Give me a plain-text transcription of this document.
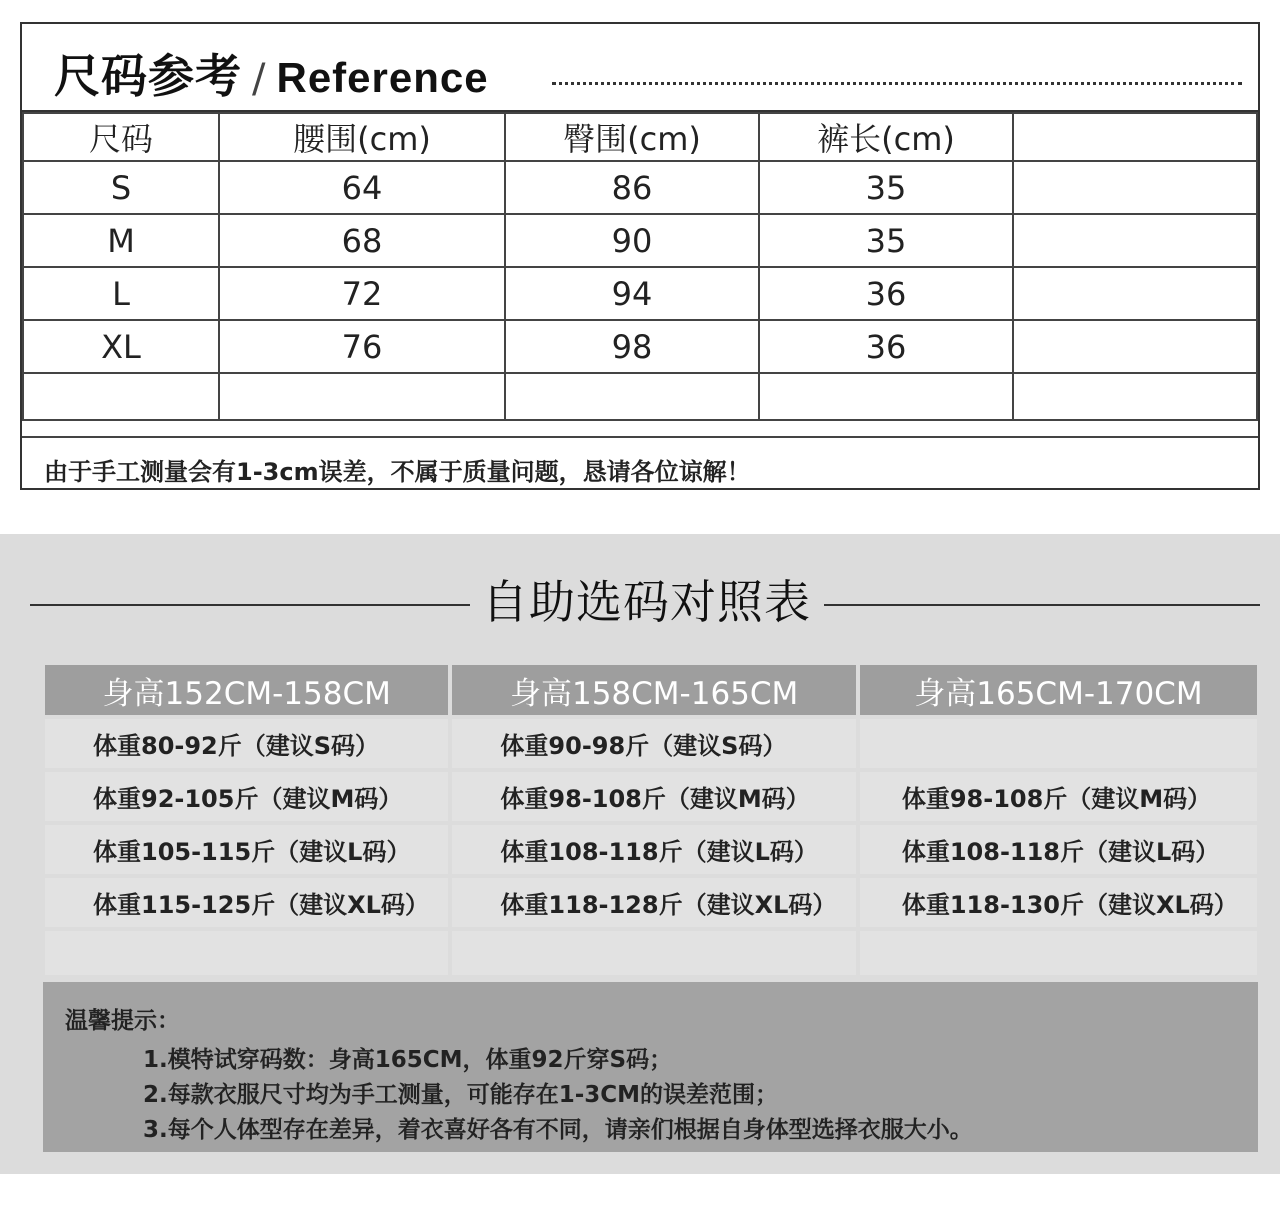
尺码参考 / Reference
尺码	腰围(cm)	臀围(cm)	裤长(cm)	
S	64	86	35	
M	68	90	35	
L	72	94	36	
XL	76	98	36	

由于手工测量会有1-3cm误差，不属于质量问题，恳请各位谅解！
自助选码对照表
身高152CM-158CM	身高158CM-165CM	身高165CM-170CM
体重80-92斤（建议S码）	体重90-98斤（建议S码）	
体重92-105斤（建议M码）	体重98-108斤（建议M码）	体重98-108斤（建议M码）
体重105-115斤（建议L码）	体重108-118斤（建议L码）	体重108-118斤（建议L码）
体重115-125斤（建议XL码）	体重118-128斤（建议XL码）	体重118-130斤（建议XL码）

温馨提示：
1.模特试穿码数：身高165CM，体重92斤穿S码；
2.每款衣服尺寸均为手工测量，可能存在1-3CM的误差范围；
3.每个人体型存在差异，着衣喜好各有不同，请亲们根据自身体型选择衣服大小。
